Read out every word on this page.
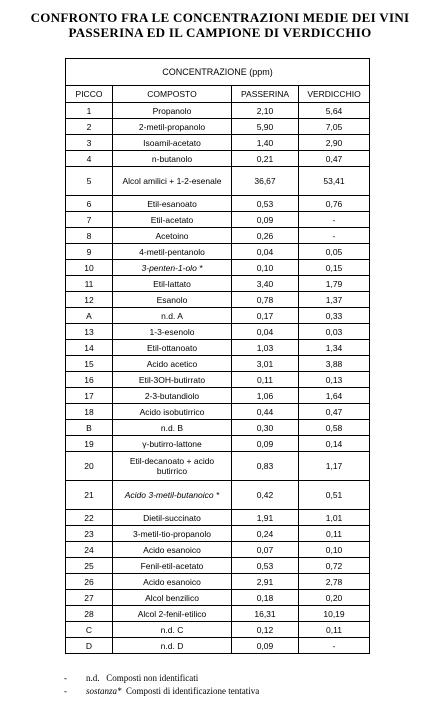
CONFRONTO FRA LE CONCENTRAZIONI MEDIE DEI VINI
PASSERINA ED IL CAMPIONE DI VERDICCHIO
CONCENTRAZIONE (ppm)			
PICCO	COMPOSTO	PASSERINA	VERDICCHIO
1	Propanolo	2,10	5,64
2	2-metil-propanolo	5,90	7,05
3	Isoamil-acetato	1,40	2,90
4	n-butanolo	0,21	0,47
5	Alcol amilici + 1-2-esenale	36,67	53,41
6	Etil-esanoato	0,53	0,76
7	Etil-acetato	0,09	-
8	Acetoino	0,26	-
9	4-metil-pentanolo	0,04	0,05
10	3-penten-1-olo *	0,10	0,15
11	Etil-lattato	3,40	1,79
12	Esanolo	0,78	1,37
A	n.d. A	0,17	0,33
13	1-3-esenolo	0,04	0,03
14	Etil-ottanoato	1,03	1,34
15	Acido acetico	3,01	3,88
16	Etil-3OH-butirrato	0,11	0,13
17	2-3-butandiolo	1,06	1,64
18	Acido isobutirrico	0,44	0,47
B	n.d. B	0,30	0,58
19	γ-butirro-lattone	0,09	0,14
20	Etil-decanoato + acido butirrico	0,83	1,17
21	Acido 3-metil-butanoico *	0,42	0,51
22	Dietil-succinato	1,91	1,01
23	3-metil-tio-propanolo	0,24	0,11
24	Acido esanoico	0,07	0,10
25	Fenil-etil-acetato	0,53	0,72
26	Acido esanoico	2,91	2,78
27	Alcol benzilico	0,18	0,20
28	Alcol 2-fenil-etilico	16,31	10,19
C	n.d. C	0,12	0,11
D	n.d. D	0,09	-
-	n.d.
Composti non identificati
-	sostanza*
Composti di identificazione tentativa
